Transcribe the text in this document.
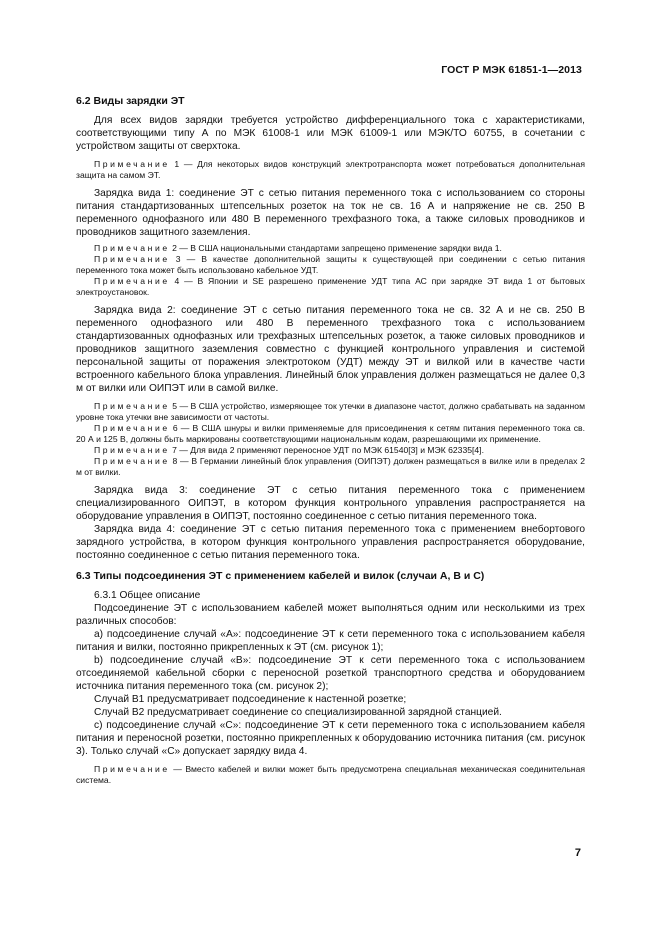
ГОСТ Р МЭК 61851-1—2013
6.2 Виды зарядки ЭТ

Для всех видов зарядки требуется устройство дифференциального тока с характеристиками, соответствующими типу А по МЭК 61008-1 или МЭК 61009-1 или МЭК/ТО 60755, в сочетании с устройством защиты от сверхтока.

Примечание 1 — Для некоторых видов конструкций электротранспорта может потребоваться дополнительная защита на самом ЭТ.

Зарядка вида 1: соединение ЭТ с сетью питания переменного тока с использованием со стороны питания стандартизованных штепсельных розеток на ток не св. 16 А и напряжение не св. 250 В переменного однофазного или 480 В переменного трехфазного тока, а также силовых проводников и проводников защитного заземления.

Примечание 2 — В США национальными стандартами запрещено применение зарядки вида 1.

Примечание 3 — В качестве дополнительной защиты к существующей при соединении с сетью питания переменного тока может быть использовано кабельное УДТ.

Примечание 4 — В Японии и SE разрешено применение УДТ типа АС при зарядке ЭТ вида 1 от бытовых электроустановок.

Зарядка вида 2: соединение ЭТ с сетью питания переменного тока не св. 32 А и не св. 250 В переменного однофазного или 480 В переменного трехфазного тока с использованием стандартизованных однофазных или трехфазных штепсельных розеток, а также силовых проводников и проводников защитного заземления совместно с функцией контрольного управления и системой персональной защиты от поражения электротоком (УДТ) между ЭТ и вилкой или в качестве части встроенного кабельного блока управления. Линейный блок управления должен размещаться не далее 0,3 м от вилки или ОИПЭТ или в самой вилке.

Примечание 5 — В США устройство, измеряющее ток утечки в диапазоне частот, должно срабатывать на заданном уровне тока утечки вне зависимости от частоты.

Примечание 6 — В США шнуры и вилки применяемые для присоединения к сетям питания переменного тока св. 20 А и 125 В, должны быть маркированы соответствующими национальным кодам, разрешающими их применение.

Примечание 7 — Для вида 2 применяют переносное УДТ по МЭК 61540[3] и МЭК 62335[4].

Примечание 8 — В Германии линейный блок управления (ОИПЭТ) должен размещаться в вилке или в пределах 2 м от вилки.

Зарядка вида 3: соединение ЭТ с сетью питания переменного тока с применением специализированного ОИПЭТ, в котором функция контрольного управления распространяется на оборудование управления в ОИПЭТ, постоянно соединенное с сетью питания переменного тока.

Зарядка вида 4: соединение ЭТ с сетью питания переменного тока с применением внебортового зарядного устройства, в котором функция контрольного управления распространяется оборудование, постоянно соединенное с сетью питания переменного тока.

6.3 Типы подсоединения ЭТ с применением кабелей и вилок (случаи А, В и С)

6.3.1 Общее описание

Подсоединение ЭТ с использованием кабелей может выполняться одним или несколькими из трех различных способов:

а) подсоединение случай «А»: подсоединение ЭТ к сети переменного тока с использованием кабеля питания и вилки, постоянно прикрепленных к ЭТ (см. рисунок 1);

b) подсоединение случай «В»: подсоединение ЭТ к сети переменного тока с использованием отсоединяемой кабельной сборки с переносной розеткой транспортного средства и оборудованием источника питания переменного тока (см. рисунок 2);

Случай В1 предусматривает подсоединение к настенной розетке;

Случай В2 предусматривает соединение со специализированной зарядной станцией.

с) подсоединение случай «С»: подсоединение ЭТ к сети переменного тока с использованием кабеля питания и переносной розетки, постоянно прикрепленных к оборудованию источника питания (см. рисунок 3). Только случай «С» допускает зарядку вида 4.

Примечание — Вместо кабелей и вилки может быть предусмотрена специальная механическая соединительная система.

7
